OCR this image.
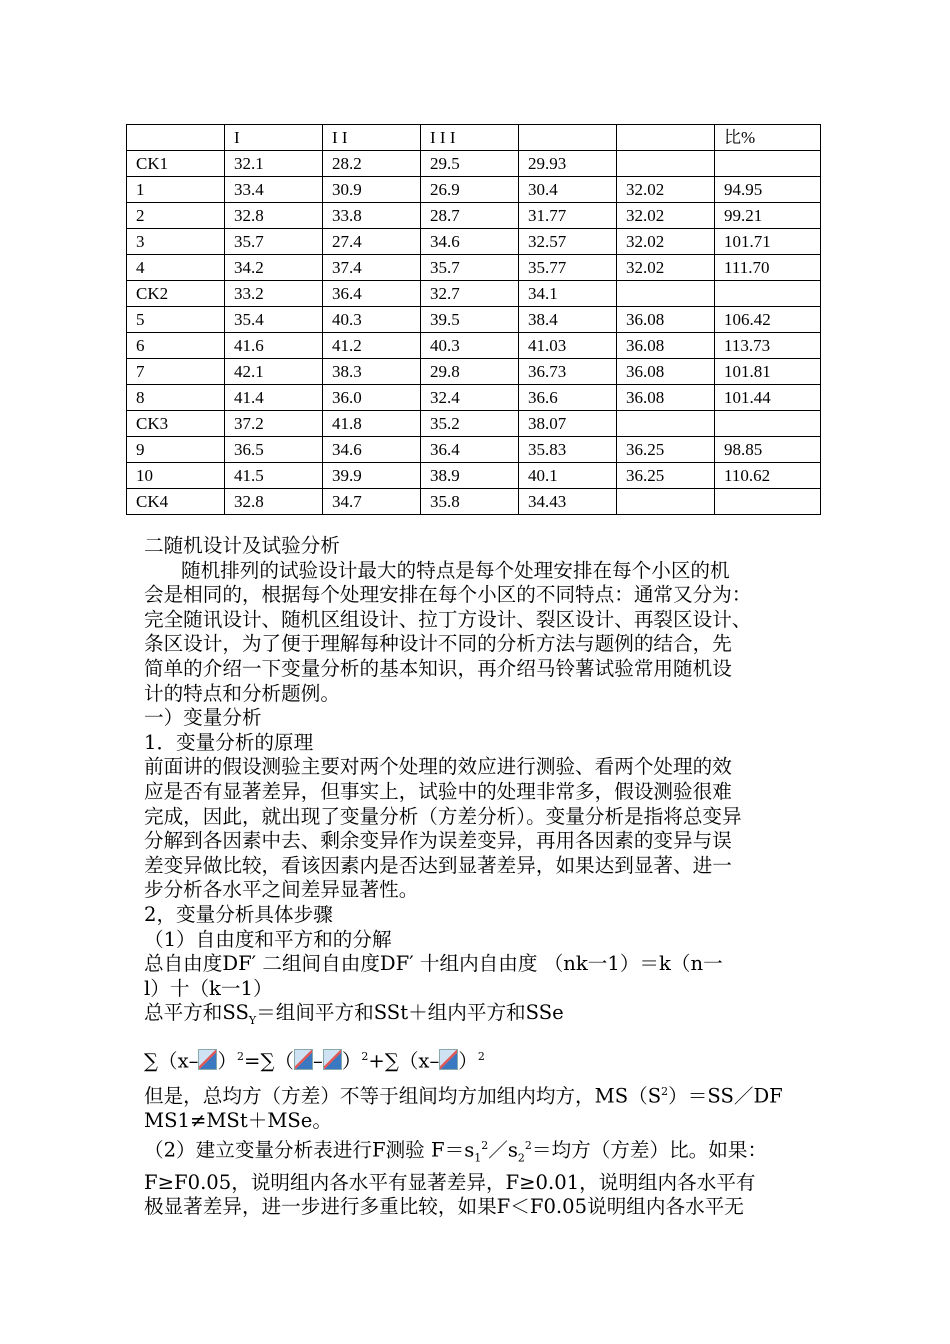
	I	I I	I I I			比%
CK1	32.1	28.2	29.5	29.93		
1	33.4	30.9	26.9	30.4	32.02	94.95
2	32.8	33.8	28.7	31.77	32.02	99.21
3	35.7	27.4	34.6	32.57	32.02	101.71
4	34.2	37.4	35.7	35.77	32.02	111.70
CK2	33.2	36.4	32.7	34.1		
5	35.4	40.3	39.5	38.4	36.08	106.42
6	41.6	41.2	40.3	41.03	36.08	113.73
7	42.1	38.3	29.8	36.73	36.08	101.81
8	41.4	36.0	32.4	36.6	36.08	101.44
CK3	37.2	41.8	35.2	38.07		
9	36.5	34.6	36.4	35.83	36.25	98.85
10	41.5	39.9	38.9	40.1	36.25	110.62
CK4	32.8	34.7	35.8	34.43		

二随机设计及试验分析

随机排列的试验设计最大的特点是每个处理安排在每个小区的机

会是相同的，根据每个处理安排在每个小区的不同特点：通常又分为：

完全随讯设计、随机区组设计、拉丁方设计、裂区设计、再裂区设计、

条区设计，为了便于理解每种设计不同的分析方法与题例的结合，先

简单的介绍一下变量分析的基本知识，再介绍马铃薯试验常用随机设

计的特点和分析题例。

一）变量分析

1．变量分析的原理

前面讲的假设测验主要对两个处理的效应进行测验、看两个处理的效

应是否有显著差异，但事实上，试验中的处理非常多，假设测验很难

完成，因此，就出现了变量分析（方差分析）。变量分析是指将总变异

分解到各因素中去、剩余变异作为误差变异，再用各因素的变异与误

差变异做比较，看该因素内是否达到显著差异，如果达到显著、进一

步分析各水平之间差异显著性。

2，变量分析具体步骤

（1）自由度和平方和的分解

总自由度DF′ 二组间自由度DF′ 十组内自由度 （nk一1）＝k（n一

l）十（k一1）

总平方和$SS_Y=$组间平方和SSt＋组内平方和SSe

∑（x– ）$^2=\sum( - )^2+\sum(x-$ ）$^2$

但是，总均方（方差）不等于组间均方加组内均方，$MS(S^2)=SS/DF$

MS1≠MSt＋MSe。

（2）建立变量分析表进行F测验 $F=s_1^2/s_2^2=$均方（方差）比。如果：

F≥F0.05，说明组内各水平有显著差异，F≥0.01，说明组内各水平有

极显著差异，进一步进行多重比较，如果F＜F0.05说明组内各水平无
